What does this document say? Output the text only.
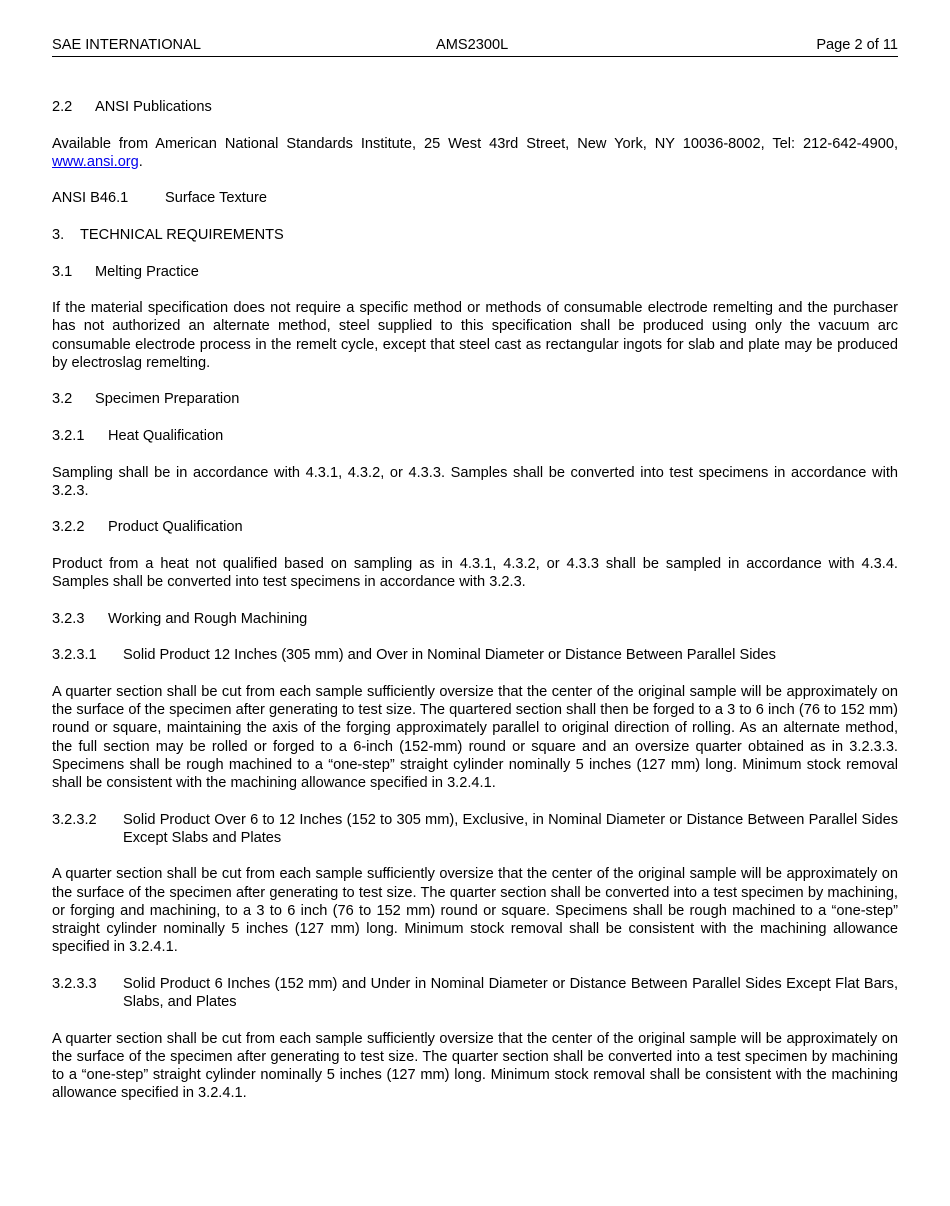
SAE INTERNATIONAL	AMS2300L	Page 2 of 11
2.2 ANSI Publications

Available from American National Standards Institute, 25 West 43rd Street, New York, NY 10036-8002, Tel: 212-642-4900, www.ansi.org.

ANSI B46.1	Surface Texture
3. TECHNICAL REQUIREMENTS
3.1 Melting Practice

If the material specification does not require a specific method or methods of consumable electrode remelting and the purchaser has not authorized an alternate method, steel supplied to this specification shall be produced using only the vacuum arc consumable electrode process in the remelt cycle, except that steel cast as rectangular ingots for slab and plate may be produced by electroslag remelting.

3.2 Specimen Preparation
3.2.1 Heat Qualification

Sampling shall be in accordance with 4.3.1, 4.3.2, or 4.3.3. Samples shall be converted into test specimens in accordance with 3.2.3.

3.2.2 Product Qualification

Product from a heat not qualified based on sampling as in 4.3.1, 4.3.2, or 4.3.3 shall be sampled in accordance with 4.3.4. Samples shall be converted into test specimens in accordance with 3.2.3.

3.2.3 Working and Rough Machining
3.2.3.1 Solid Product 12 Inches (305 mm) and Over in Nominal Diameter or Distance Between Parallel Sides

A quarter section shall be cut from each sample sufficiently oversize that the center of the original sample will be approximately on the surface of the specimen after generating to test size. The quartered section shall then be forged to a 3 to 6 inch (76 to 152 mm) round or square, maintaining the axis of the forging approximately parallel to original direction of rolling. As an alternate method, the full section may be rolled or forged to a 6-inch (152-mm) round or square and an oversize quarter obtained as in 3.2.3.3. Specimens shall be rough machined to a “one-step” straight cylinder nominally 5 inches (127 mm) long. Minimum stock removal shall be consistent with the machining allowance specified in 3.2.4.1.

3.2.3.2 Solid Product Over 6 to 12 Inches (152 to 305 mm), Exclusive, in Nominal Diameter or Distance Between Parallel Sides Except Slabs and Plates

A quarter section shall be cut from each sample sufficiently oversize that the center of the original sample will be approximately on the surface of the specimen after generating to test size. The quarter section shall be converted into a test specimen by machining, or forging and machining, to a 3 to 6 inch (76 to 152 mm) round or square. Specimens shall be rough machined to a “one-step” straight cylinder nominally 5 inches (127 mm) long. Minimum stock removal shall be consistent with the machining allowance specified in 3.2.4.1.

3.2.3.3 Solid Product 6 Inches (152 mm) and Under in Nominal Diameter or Distance Between Parallel Sides Except Flat Bars, Slabs, and Plates

A quarter section shall be cut from each sample sufficiently oversize that the center of the original sample will be approximately on the surface of the specimen after generating to test size. The quarter section shall be converted into a test specimen by machining to a “one-step” straight cylinder nominally 5 inches (127 mm) long. Minimum stock removal shall be consistent with the machining allowance specified in 3.2.4.1.
